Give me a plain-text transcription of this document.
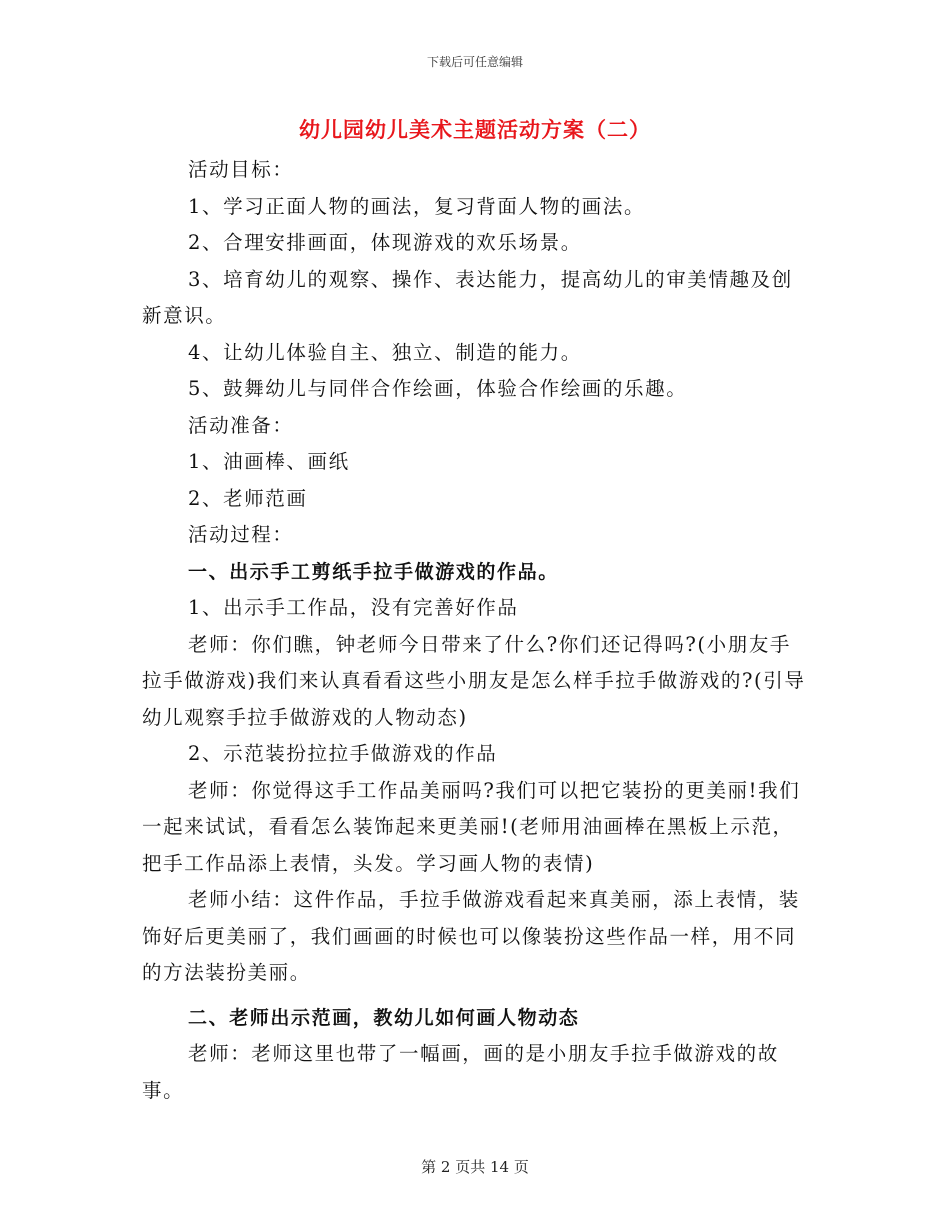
下载后可任意编辑
幼儿园幼儿美术主题活动方案（二）

活动目标：

1、学习正面人物的画法，复习背面人物的画法。

2、合理安排画面，体现游戏的欢乐场景。

3、培育幼儿的观察、操作、表达能力，提高幼儿的审美情趣及创新意识。

4、让幼儿体验自主、独立、制造的能力。

5、鼓舞幼儿与同伴合作绘画，体验合作绘画的乐趣。

活动准备：

1、油画棒、画纸

2、老师范画

活动过程：

一、出示手工剪纸手拉手做游戏的作品。

1、出示手工作品，没有完善好作品

老师：你们瞧，钟老师今日带来了什么?你们还记得吗?(小朋友手拉手做游戏)我们来认真看看这些小朋友是怎么样手拉手做游戏的?(引导幼儿观察手拉手做游戏的人物动态)

2、示范装扮拉拉手做游戏的作品

老师：你觉得这手工作品美丽吗?我们可以把它装扮的更美丽!我们一起来试试，看看怎么装饰起来更美丽!(老师用油画棒在黑板上示范，把手工作品添上表情，头发。学习画人物的表情)

老师小结：这件作品，手拉手做游戏看起来真美丽，添上表情，装饰好后更美丽了，我们画画的时候也可以像装扮这些作品一样，用不同的方法装扮美丽。

二、老师出示范画，教幼儿如何画人物动态

老师：老师这里也带了一幅画，画的是小朋友手拉手做游戏的故事。

第 2 页共 14 页
